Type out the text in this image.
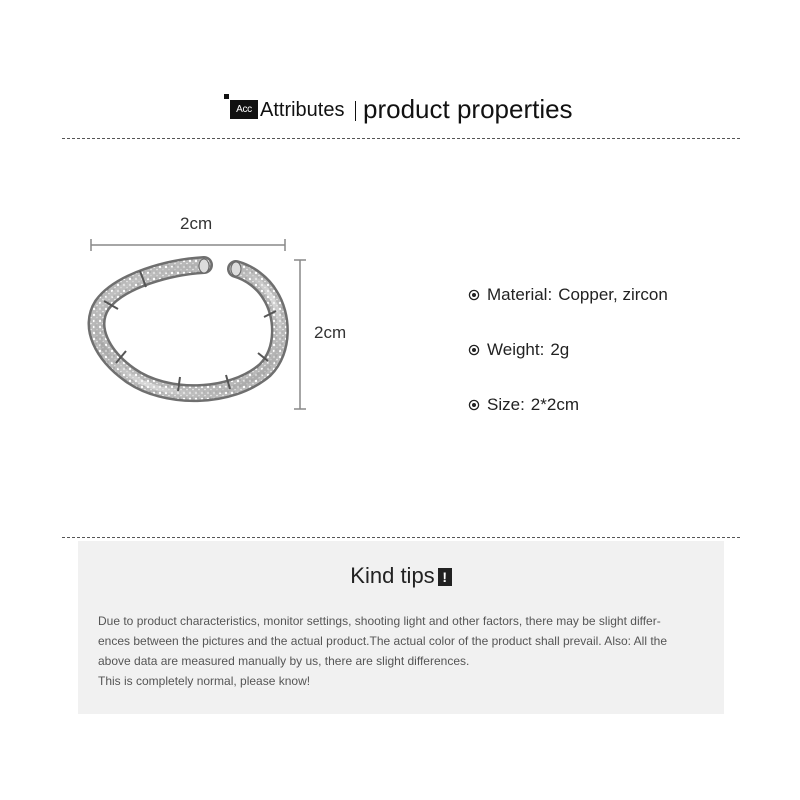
Acc Attributes product properties
2cm
2cm
Material: Copper, zircon
Weight: 2g
Size: 2*2cm
Kind tips !
Due to product characteristics, monitor settings, shooting light and other factors, there may be slight differ-
ences between the pictures and the actual product.The actual color of the product shall prevail. Also: All the
above data are measured manually by us, there are slight differences.
This is completely normal, please know!
